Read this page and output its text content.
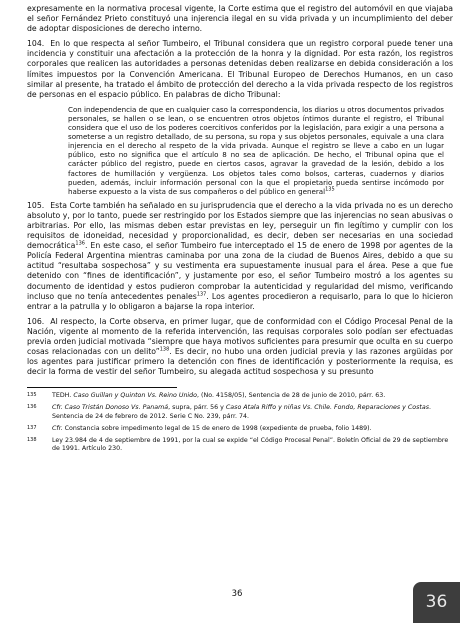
expresamente en la normativa procesal vigente, la Corte estima que el registro del automóvil en que viajaba el señor Fernández Prieto constituyó una injerencia ilegal en su vida privada y un incumplimiento del deber de adoptar disposiciones de derecho interno.

104. En lo que respecta al señor Tumbeiro, el Tribunal considera que un registro corporal puede tener una incidencia y constituir una afectación a la protección de la honra y la dignidad. Por esta razón, los registros corporales que realicen las autoridades a personas detenidas deben realizarse en debida consideración a los límites impuestos por la Convención Americana. El Tribunal Europeo de Derechos Humanos, en un caso similar al presente, ha tratado el ámbito de protección del derecho a la vida privada respecto de los registros de personas en el espacio público. En palabras de dicho Tribunal:

Con independencia de que en cualquier caso la correspondencia, los diarios u otros documentos privados personales, se hallen o se lean, o se encuentren otros objetos íntimos durante el registro, el Tribunal considera que el uso de los poderes coercitivos conferidos por la legislación, para exigir a una persona a someterse a un registro detallado, de su persona, su ropa y sus objetos personales, equivale a una clara injerencia en el derecho al respeto de la vida privada. Aunque el registro se lleve a cabo en un lugar público, esto no significa que el artículo 8 no sea de aplicación. De hecho, el Tribunal opina que el carácter público del registro, puede en ciertos casos, agravar la gravedad de la lesión, debido a los factores de humillación y vergüenza. Los objetos tales como bolsos, carteras, cuadernos y diarios pueden, además, incluir información personal con la que el propietario pueda sentirse incómodo por haberse expuesto a la vista de sus compañeros o del público en general$^{135}$

105. Esta Corte también ha señalado en su jurisprudencia que el derecho a la vida privada no es un derecho absoluto y, por lo tanto, puede ser restringido por los Estados siempre que las injerencias no sean abusivas o arbitrarias. Por ello, las mismas deben estar previstas en ley, perseguir un fin legítimo y cumplir con los requisitos de idoneidad, necesidad y proporcionalidad, es decir, deben ser necesarias en una sociedad democrática$^{136}$. En este caso, el señor Tumbeiro fue interceptado el 15 de enero de 1998 por agentes de la Policía Federal Argentina mientras caminaba por una zona de la ciudad de Buenos Aires, debido a que su actitud “resultaba sospechosa” y su vestimenta era supuestamente inusual para el área. Pese a que fue detenido con “fines de identificación”, y justamente por eso, el señor Tumbeiro mostró a los agentes su documento de identidad y estos pudieron comprobar la autenticidad y regularidad del mismo, verificando incluso que no tenía antecedentes penales$^{137}$. Los agentes procedieron a requisarlo, para lo que lo hicieron entrar a la patrulla y lo obligaron a bajarse la ropa interior.

106. Al respecto, la Corte observa, en primer lugar, que de conformidad con el Código Procesal Penal de la Nación, vigente al momento de la referida intervención, las requisas corporales solo podían ser efectuadas previa orden judicial motivada “siempre que haya motivos suficientes para presumir que oculta en su cuerpo cosas relacionadas con un delito”$^{138}$. Es decir, no hubo una orden judicial previa y las razones argüidas por los agentes para justificar primero la detención con fines de identificación y posteriormente la requisa, es decir la forma de vestir del señor Tumbeiro, su alegada actitud sospechosa y su presunto

135	TEDH. Caso Guillan y Quinton Vs. Reino Unido, (No. 4158/05), Sentencia de 28 de junio de 2010, párr. 63.
136	Cfr. Caso Tristán Donoso Vs. Panamá, supra, párr. 56 y Caso Atala Riffo y niñas Vs. Chile. Fondo, Reparaciones y Costas. Sentencia de 24 de febrero de 2012. Serie C No. 239, párr. 74.
137	Cfr. Constancia sobre impedimento legal de 15 de enero de 1998 (expediente de prueba, folio 1489).
138	Ley 23.984 de 4 de septiembre de 1991, por la cual se expide “el Código Procesal Penal”. Boletín Oficial de 29 de septiembre de 1991. Artículo 230.
36	36
